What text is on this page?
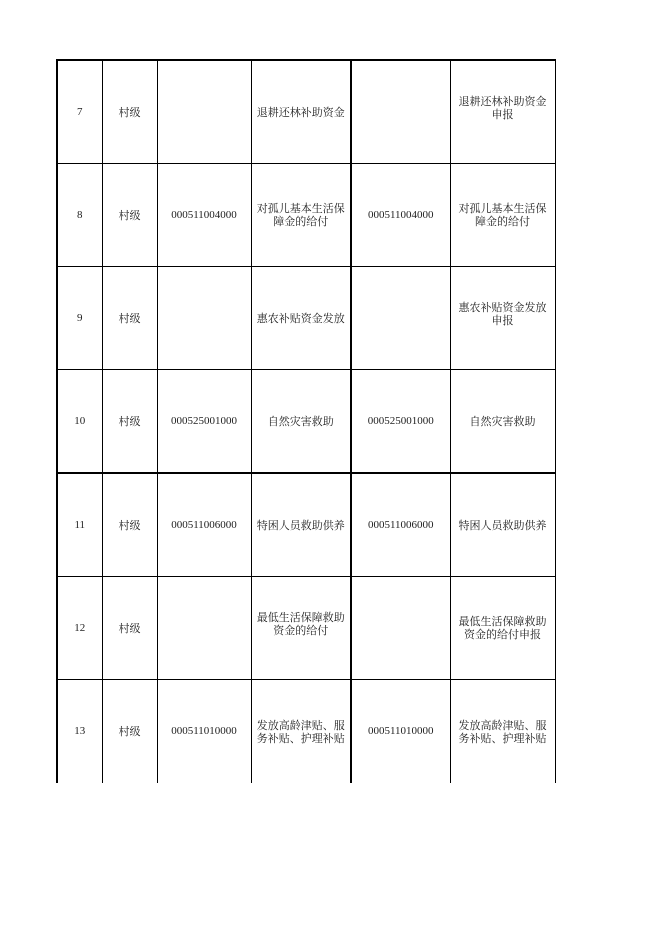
7	村级		退耕还林补助资金		退耕还林补助资金申报
8	村级	000511004000	对孤儿基本生活保障金的给付	000511004000	对孤儿基本生活保障金的给付
9	村级		惠农补贴资金发放		惠农补贴资金发放申报
10	村级	000525001000	自然灾害救助	000525001000	自然灾害救助
11	村级	000511006000	特困人员救助供养	000511006000	特困人员救助供养
12	村级		最低生活保障救助资金的给付		最低生活保障救助资金的给付申报
13	村级	000511010000	发放高龄津贴、服务补贴、护理补贴	000511010000	发放高龄津贴、服务补贴、护理补贴
